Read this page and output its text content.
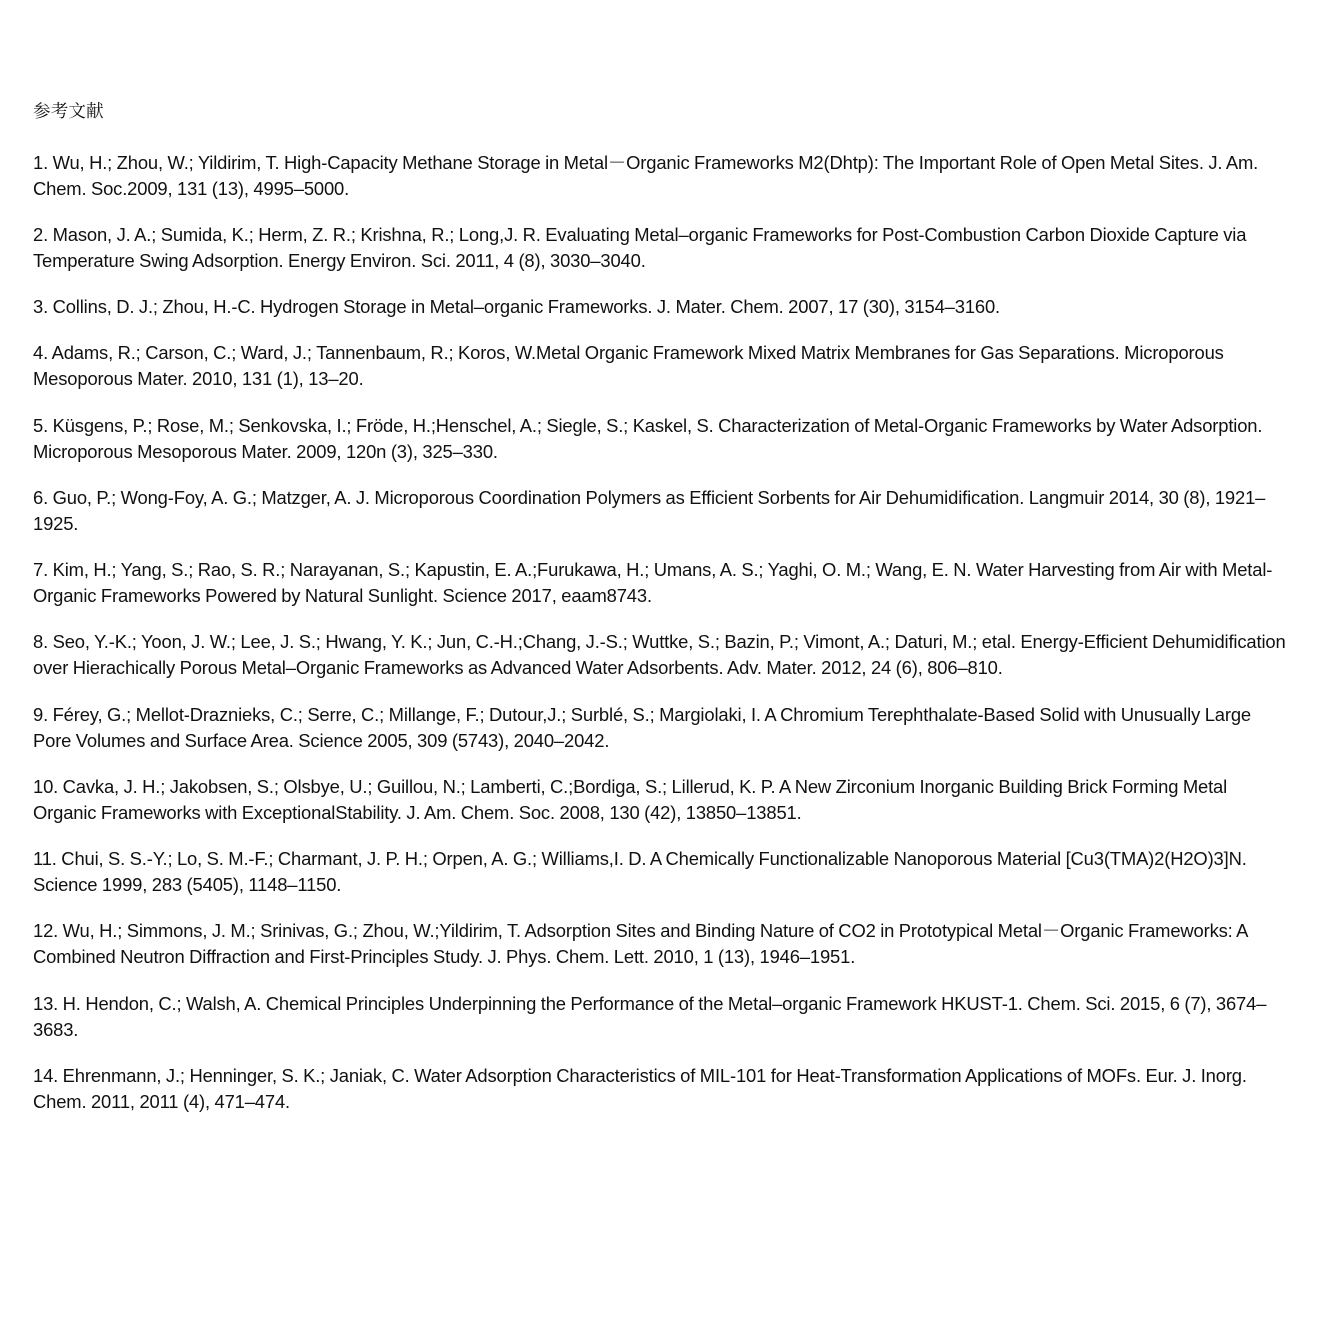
参考文献
1. Wu, H.; Zhou, W.; Yildirim, T. High-Capacity Methane Storage in Metal－Organic Frameworks M2(Dhtp): The Important Role of Open Metal Sites. J. Am. Chem. Soc.2009, 131 (13), 4995–5000.
2. Mason, J. A.; Sumida, K.; Herm, Z. R.; Krishna, R.; Long,J. R. Evaluating Metal–organic Frameworks for Post-Combustion Carbon Dioxide Capture via Temperature Swing Adsorption. Energy Environ. Sci. 2011, 4 (8), 3030–3040.
3. Collins, D. J.; Zhou, H.-C. Hydrogen Storage in Metal–organic Frameworks. J. Mater. Chem. 2007, 17 (30), 3154–3160.
4. Adams, R.; Carson, C.; Ward, J.; Tannenbaum, R.; Koros, W.Metal Organic Framework Mixed Matrix Membranes for Gas Separations. Microporous Mesoporous Mater. 2010, 131 (1), 13–20.
5. Küsgens, P.; Rose, M.; Senkovska, I.; Fröde, H.;Henschel, A.; Siegle, S.; Kaskel, S. Characterization of Metal-Organic Frameworks by Water Adsorption. Microporous Mesoporous Mater. 2009, 120n (3), 325–330.
6. Guo, P.; Wong-Foy, A. G.; Matzger, A. J. Microporous Coordination Polymers as Efficient Sorbents for Air Dehumidification. Langmuir 2014, 30 (8), 1921–1925.
7. Kim, H.; Yang, S.; Rao, S. R.; Narayanan, S.; Kapustin, E. A.;Furukawa, H.; Umans, A. S.; Yaghi, O. M.; Wang, E. N. Water Harvesting from Air with Metal-Organic Frameworks Powered by Natural Sunlight. Science 2017, eaam8743.
8. Seo, Y.-K.; Yoon, J. W.; Lee, J. S.; Hwang, Y. K.; Jun, C.-H.;Chang, J.-S.; Wuttke, S.; Bazin, P.; Vimont, A.; Daturi, M.; etal. Energy-Efficient Dehumidification over Hierachically Porous Metal–Organic Frameworks as Advanced Water Adsorbents. Adv. Mater. 2012, 24 (6), 806–810.
9. Férey, G.; Mellot-Draznieks, C.; Serre, C.; Millange, F.; Dutour,J.; Surblé, S.; Margiolaki, I. A Chromium Terephthalate-Based Solid with Unusually Large Pore Volumes and Surface Area. Science 2005, 309 (5743), 2040–2042.
10. Cavka, J. H.; Jakobsen, S.; Olsbye, U.; Guillou, N.; Lamberti, C.;Bordiga, S.; Lillerud, K. P. A New Zirconium Inorganic Building Brick Forming Metal Organic Frameworks with ExceptionalStability. J. Am. Chem. Soc. 2008, 130 (42), 13850–13851.
11. Chui, S. S.-Y.; Lo, S. M.-F.; Charmant, J. P. H.; Orpen, A. G.; Williams,I. D. A Chemically Functionalizable Nanoporous Material [Cu3(TMA)2(H2O)3]N. Science 1999, 283 (5405), 1148–1150.
12. Wu, H.; Simmons, J. M.; Srinivas, G.; Zhou, W.;Yildirim, T. Adsorption Sites and Binding Nature of CO2 in Prototypical Metal－Organic Frameworks: A Combined Neutron Diffraction and First-Principles Study. J. Phys. Chem. Lett. 2010, 1 (13), 1946–1951.
13. H. Hendon, C.; Walsh, A. Chemical Principles Underpinning the Performance of the Metal–organic Framework HKUST-1. Chem. Sci. 2015, 6 (7), 3674–3683.
14. Ehrenmann, J.; Henninger, S. K.; Janiak, C. Water Adsorption Characteristics of MIL-101 for Heat-Transformation Applications of MOFs. Eur. J. Inorg. Chem. 2011, 2011 (4), 471–474.
